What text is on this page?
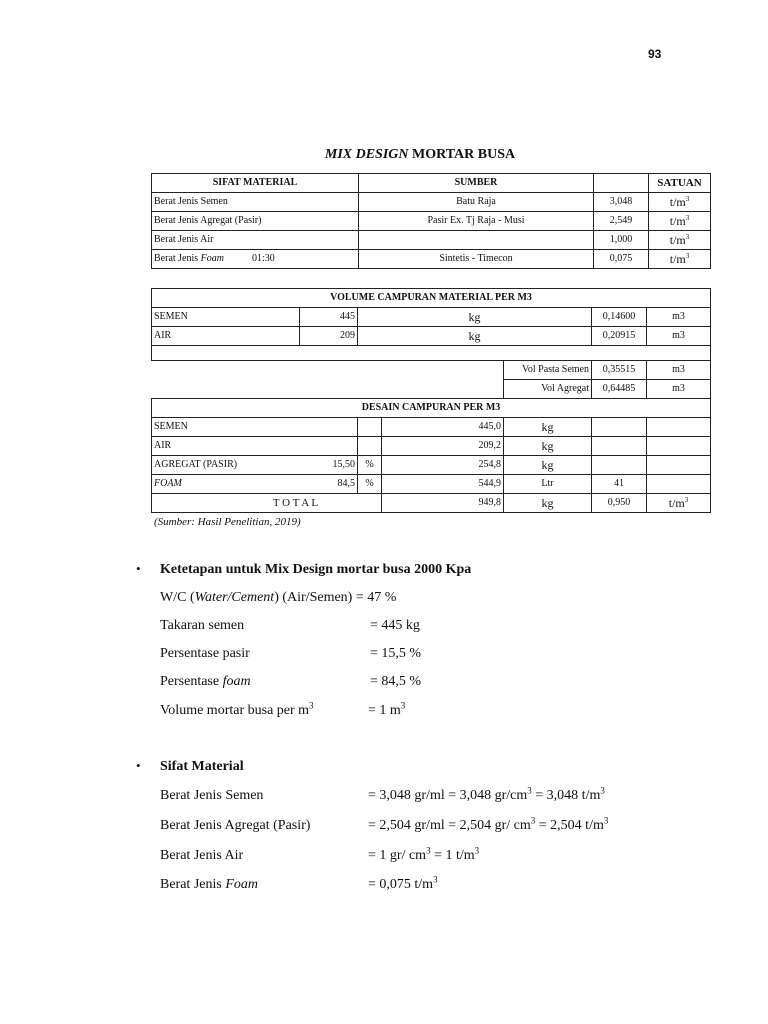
93
MIX DESIGN MORTAR BUSA
SIFAT MATERIAL	SUMBER		SATUAN
Berat Jenis Semen	Batu Raja	3,048	$t/m^3$
Berat Jenis Agregat (Pasir)	Pasir Ex. Tj Raja - Musi	2,549	$t/m^3$
Berat Jenis Air		1,000	$t/m^3$
Berat Jenis Foam 01:30	Sintetis - Timecon	0,075	$t/m^3$
VOLUME CAMPURAN MATERIAL PER M3						
SEMEN	445	kg			0,14600	m3
AIR	209	kg			0,20915	m3

				Vol Pasta Semen	0,35515	m3
				Vol Agregat	0,64485	m3
DESAIN CAMPURAN PER M3						
SEMEN			445,0	kg		
AIR			209,2	kg		
AGREGAT (PASIR) 15,50		%	254,8	kg		
FOAM 84,5		%	544,9	Ltr	41	
T O T A L			949,8	kg	0,950	$t/m^3$
(Sumber: Hasil Penelitian, 2019)
• Ketetapan untuk Mix Design mortar busa 2000 Kpa
W/C (Water/Cement) (Air/Semen) = 47 %
Takaran semen	= 445 kg
Persentase pasir	= 15,5 %
Persentase foam	= 84,5 %
Volume mortar busa per $m^3$	= 1 $m^3$
• Sifat Material
Berat Jenis Semen	= 3,048 gr/ml = 3,048 $gr/cm^3 = 3,048$ $t/m^3$
Berat Jenis Agregat (Pasir)	= 2,504 gr/ml = 2,504 gr/ $cm^3 = 2,504$ $t/m^3$
Berat Jenis Air	= 1 gr/ $cm^3 = 1$ $t/m^3$
Berat Jenis Foam	= 0,075 $t/m^3$
